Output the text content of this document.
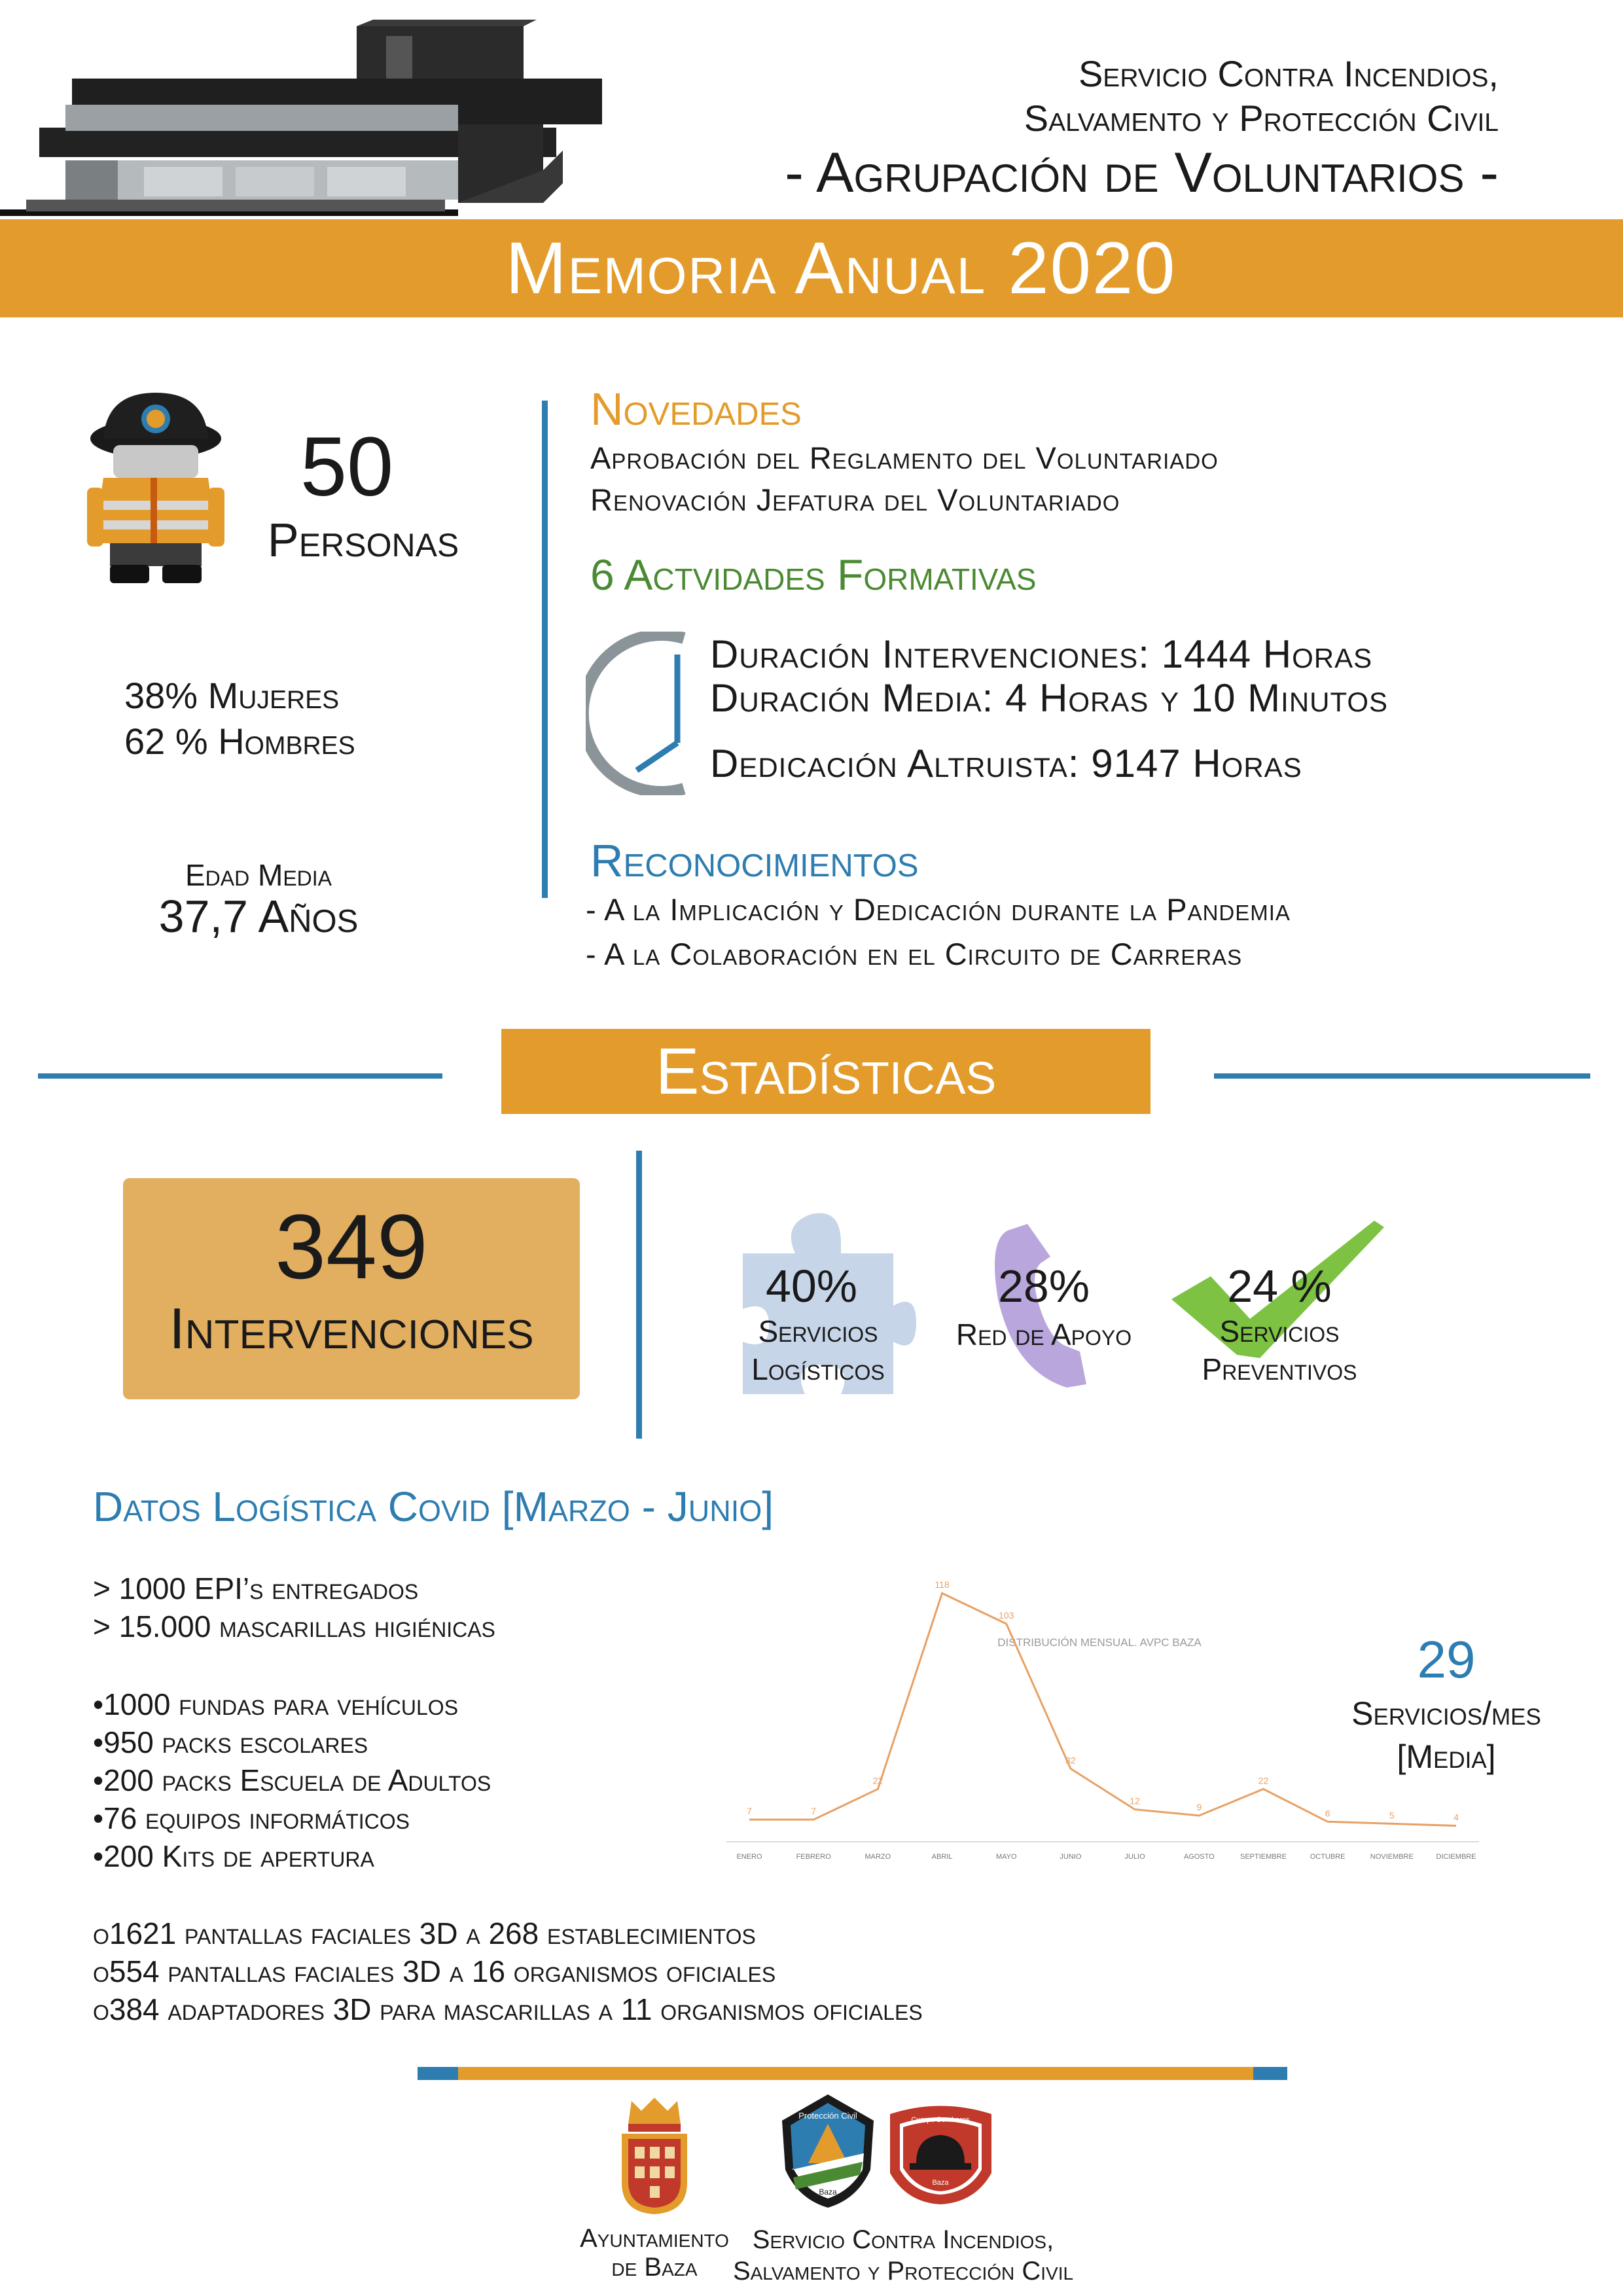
Servicio Contra Incendios,
Salvamento y Protección Civil
- Agrupación de Voluntarios -
Memoria Anual 2020
50
Personas
38% Mujeres
62 % Hombres
Edad Media
37,7 Años
Novedades
Aprobación del Reglamento del Voluntariado
Renovación Jefatura del Voluntariado
6 Actvidades Formativas
Duración Intervenciones: 1444 Horas
Duración Media: 4 Horas y 10 Minutos
Dedicación Altruista: 9147 Horas
Reconocimientos
- A la Implicación y Dedicación durante la Pandemia
- A la Colaboración en el Circuito de Carreras
Estadísticas
349
Intervenciones
40%
Servicios
Logísticos
28%
Red de Apoyo
24 %
Servicios
Preventivos
Datos Logística Covid [Marzo - Junio]
> 1000 EPI’s entregados
> 15.000 mascarillas higiénicas
•1000 fundas para vehículos
•950 packs escolares
•200 packs Escuela de Adultos
•76 equipos informáticos
•200 Kits de apertura
o1621 pantallas faciales 3D a 268 establecimientos
o554 pantallas faciales 3D a 16 organismos oficiales
o384 adaptadores 3D para mascarillas a 11 organismos oficiales
DISTRIBUCIÓN MENSUAL. AVPC BAZA
7	7
22
118
103
32
12
9
22
6	5	4
ENERO	FEBRERO	MARZO	ABRIL	MAYO	JUNIO	JULIO	AGOSTO	SEPTIEMBRE	OCTUBRE	NOVIEMBRE	DICIEMBRE
29
Servicios/mes
[Media]
Ayuntamiento
de Baza
Protección Civil
Baza
Cuerpo Bomberos
Baza
Servicio Contra Incendios,
Salvamento y Protección Civil
